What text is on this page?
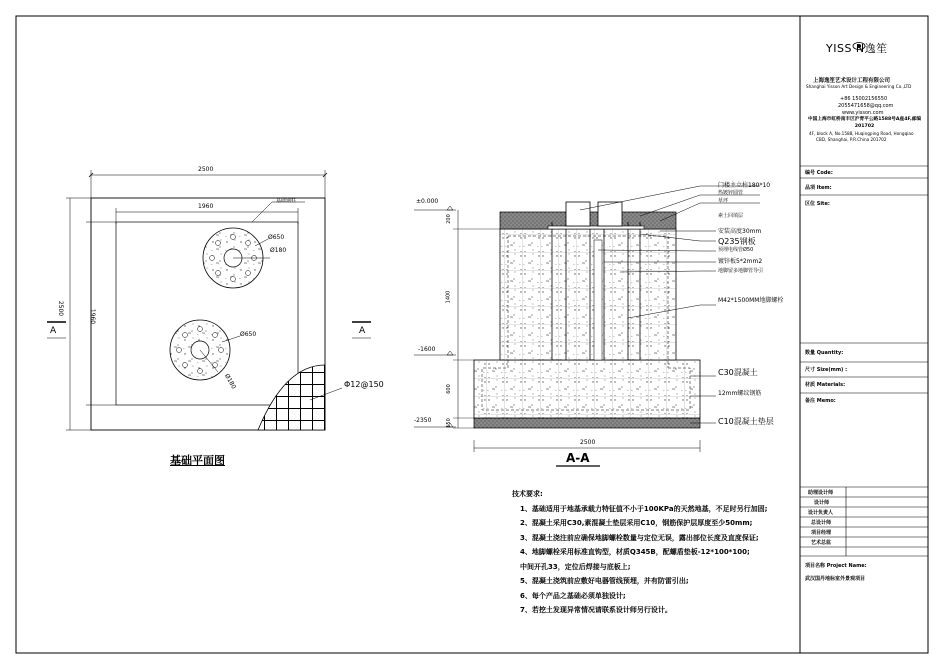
YISS N逸笙
上海逸笙艺术设计工程有限公司
Shanghai Yisson Art Design & Engineering Co.,LTD
+86 15002156550
2055471658@qq.com
www.yisson.com
中国上海市虹桥南丰区沪青平公路1588号A座4F,邮编 201702
4F, block A, No.1588, Huqingping Road, Hongqiao
CBD, Shanghai, P.R.China 201702
编号 Code:
品项 Item:
区位 Site:
数量 Quantity:
尺寸 Size(mm) :
材质 Materials:
备注 Memo:
助理设计师
设计师
设计负责人
总设计师
项目经理
艺术总监
项目名称 Project Name:
武汉国丹地标室外景观项目
2500
1960
2500
1960
基础钢柱
Ø650
Ø180
Ø650
Ø180	Φ12@150
A	A
基础平面图
±0.000
-1600
-2350
200
1400
600
150
2500
A-A
门楼主立柱180*10
热镀锌圆管
草坪
素土回填层
安装高度30mm
Q235钢板
预埋电线管Ø50
镀锌板5*2mm2
地脚留多地脚管导引
M42*1500MM地脚螺栓
C30混凝土
12mm螺纹钢筋
C10混凝土垫层
技术要求:
1、基础适用于地基承载力特征值不小于100KPa的天然地基，不足时另行加固;
2、混凝土采用C30,素混凝土垫层采用C10，钢筋保护层厚度至少50mm;
3、混凝土浇注前应确保地脚螺栓数量与定位无误，露出部位长度及直度保证;
4、地脚螺栓采用标准直钩型，材质Q345B，配螺盾垫板-12*100*100;
中间开孔33，定位后焊接与底板上;
5、混凝土浇筑前应敷好电器管线预埋，并有防雷引出;
6、每个产品之基础必须单独设计;
7、若挖土发现异常情况请联系设计师另行设计。
